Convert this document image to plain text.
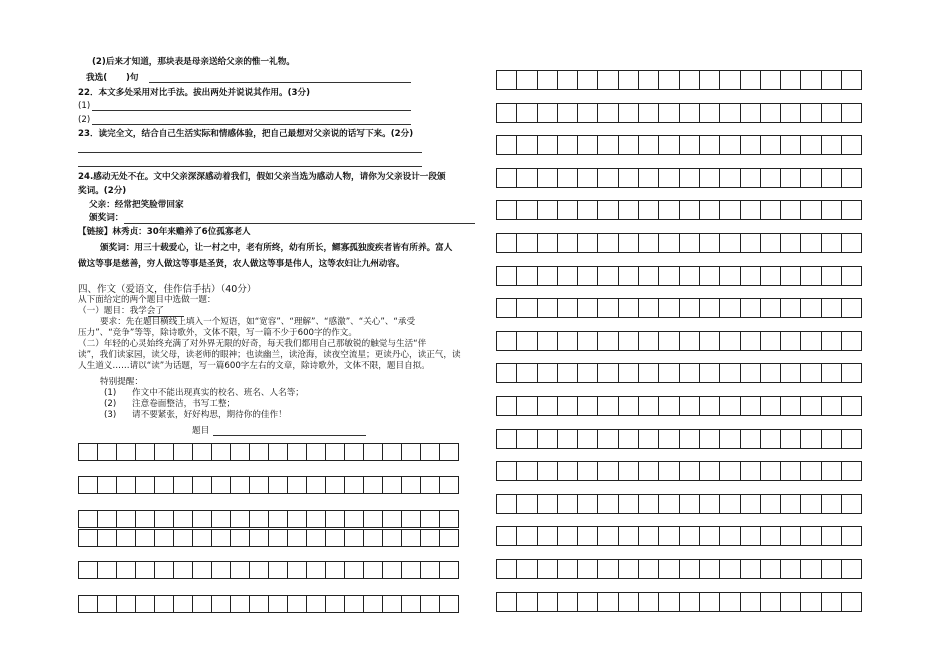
(2)后来才知道，那块表是母亲送给父亲的惟一礼物。
我选( )句
22．本文多处采用对比手法。拔出两处并说说其作用。(3分)
(1)
(2)
23．读完全文，结合自己生活实际和情感体验，把自己最想对父亲说的话写下来。(2分)
24.感动无处不在。文中父亲深深感动着我们，假如父亲当选为感动人物，请你为父亲设计一段颁
奖词。(2分)
父亲：经常把笑脸带回家
颁奖词：
【链接】林秀贞：30年来赡养了6位孤寡老人
颁奖词：用三十载爱心，让一村之中，老有所终，幼有所长，鳏寡孤独废疾者皆有所养。富人
做这等事是慈善，穷人做这等事是圣贤，农人做这等事是伟人，这等农妇让九州动容。
四、作文（爱语文，佳作信手拈）（40分）
从下面给定的两个题目中选做一题：
（一）题目：我学会了
要求：先在题目横线上填入一个短语，如“宽容”、“理解”、“感激”、“关心”、“承受
压力”、“竞争”等等，除诗歌外，文体不限，写一篇不少于600字的作文。
（二）年轻的心灵始终充满了对外界无限的好奇，每天我们都用自己那敏锐的触觉与生活“伴
读”，我们读家园，读父母，读老师的眼神；也读幽兰，读沧海，读夜空流星；更读丹心，读正气，读
人生道义……请以“读”为话题，写一篇600字左右的文章，除诗歌外，文体不限，题目自拟。
特别提醒：
(1) 作文中不能出现真实的校名、班名、人名等；
(2) 注意卷面整洁，书写工整；
(3) 请不要紧张，好好构思，期待你的佳作！
题目
